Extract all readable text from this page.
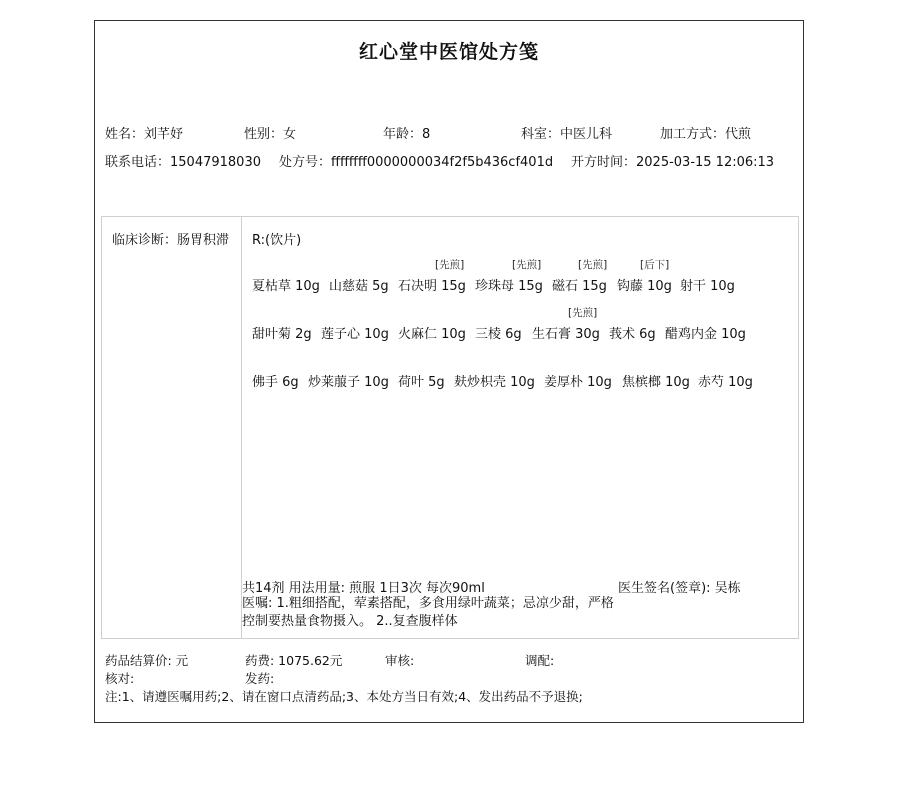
红心堂中医馆处方笺
姓名：刘芊妤	性别：女	年龄：8	科室：中医儿科	加工方式：代煎
联系电话：15047918030 处方号：ffffffff0000000034f2f5b436cf401d 开方时间：2025-03-15 12:06:13
临床诊断：肠胃积滞	R:(饮片)
夏枯草 10g 山慈菇 5g
[先煎]
石决明 15g
[先煎]
珍珠母 15g
[先煎]
磁石 15g
[后下]
钩藤 10g 射干 10g
甜叶菊 2g 莲子心 10g 火麻仁 10g 三棱 6g
[先煎]
生石膏 30g 莪术 6g 醋鸡内金 10g
佛手 6g 炒莱菔子 10g 荷叶 5g 麸炒枳壳 10g 姜厚朴 10g 焦槟榔 10g 赤芍 10g
共14剂 用法用量: 煎服 1日3次 每次90ml	医生签名(签章): 吴栋
医嘱: 1.粗细搭配，荤素搭配，多食用绿叶蔬菜；忌凉少甜，严格控制要热量食物摄入。 2..复查腹样体
药品结算价: 元	药费: 1075.62元	审核:	调配:
核对:	发药:
注:1、请遵医嘱用药;2、请在窗口点清药品;3、本处方当日有效;4、发出药品不予退换;
